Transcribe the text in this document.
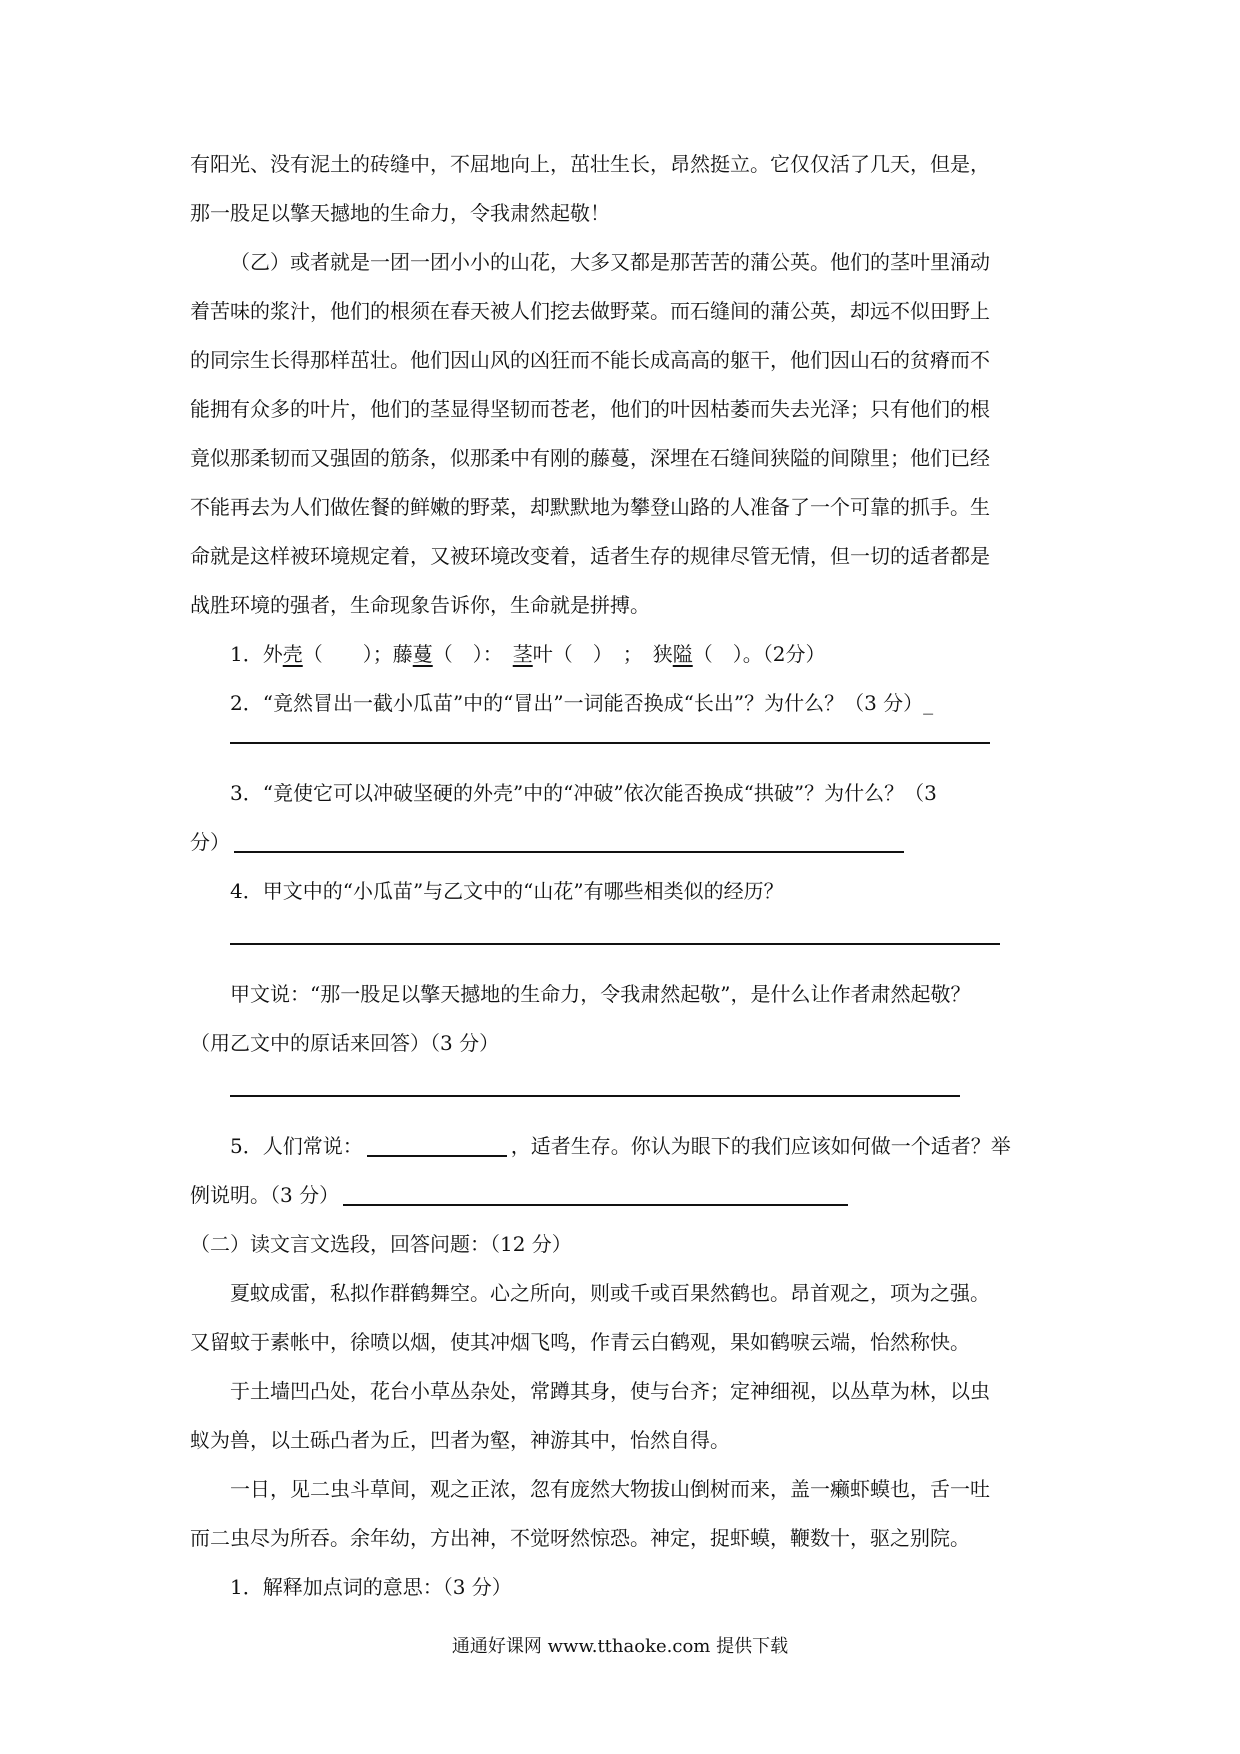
有阳光、没有泥土的砖缝中，不屈地向上，茁壮生长，昂然挺立。它仅仅活了几天，但是，
那一股足以擎天撼地的生命力，令我肃然起敬！
（乙）或者就是一团一团小小的山花，大多又都是那苦苦的蒲公英。他们的茎叶里涌动
着苦味的浆汁，他们的根须在春天被人们挖去做野菜。而石缝间的蒲公英，却远不似田野上
的同宗生长得那样茁壮。他们因山风的凶狂而不能长成高高的躯干，他们因山石的贫瘠而不
能拥有众多的叶片，他们的茎显得坚韧而苍老，他们的叶因枯萎而失去光泽；只有他们的根
竟似那柔韧而又强固的筋条，似那柔中有刚的藤蔓，深埋在石缝间狭隘的间隙里；他们已经
不能再去为人们做佐餐的鲜嫩的野菜，却默默地为攀登山路的人准备了一个可靠的抓手。生
命就是这样被环境规定着，又被环境改变着，适者生存的规律尽管无情，但一切的适者都是
战胜环境的强者，生命现象告诉你，生命就是拼搏。
1．外壳（　　）；藤蔓（　）：　茎叶（　）　；　狭隘（　）。（2分）
2．“竟然冒出一截小瓜苗”中的“冒出”一词能否换成“长出”？为什么？（3 分）_
3．“竟使它可以冲破坚硬的外壳”中的“冲破”依次能否换成“拱破”？为什么？（3
分）
4．甲文中的“小瓜苗”与乙文中的“山花”有哪些相类似的经历？
甲文说：“那一股足以擎天撼地的生命力，令我肃然起敬”，是什么让作者肃然起敬？
（用乙文中的原话来回答）（3 分）
5．人们常说：	，适者生存。你认为眼下的我们应该如何做一个适者？举
例说明。（3 分）
（二）读文言文选段，回答问题：（12 分）
夏蚊成雷，私拟作群鹤舞空。心之所向，则或千或百果然鹤也。昂首观之，项为之强。
又留蚊于素帐中，徐喷以烟，使其冲烟飞鸣，作青云白鹤观，果如鹤唳云端，怡然称快。
于土墙凹凸处，花台小草丛杂处，常蹲其身，使与台齐；定神细视，以丛草为林，以虫
蚁为兽，以土砾凸者为丘，凹者为壑，神游其中，怡然自得。
一日，见二虫斗草间，观之正浓，忽有庞然大物拔山倒树而来，盖一癞虾蟆也，舌一吐
而二虫尽为所吞。余年幼，方出神，不觉呀然惊恐。神定，捉虾蟆，鞭数十，驱之别院。
1．解释加点词的意思：（3 分）
通通好课网 www.tthaoke.com 提供下载
